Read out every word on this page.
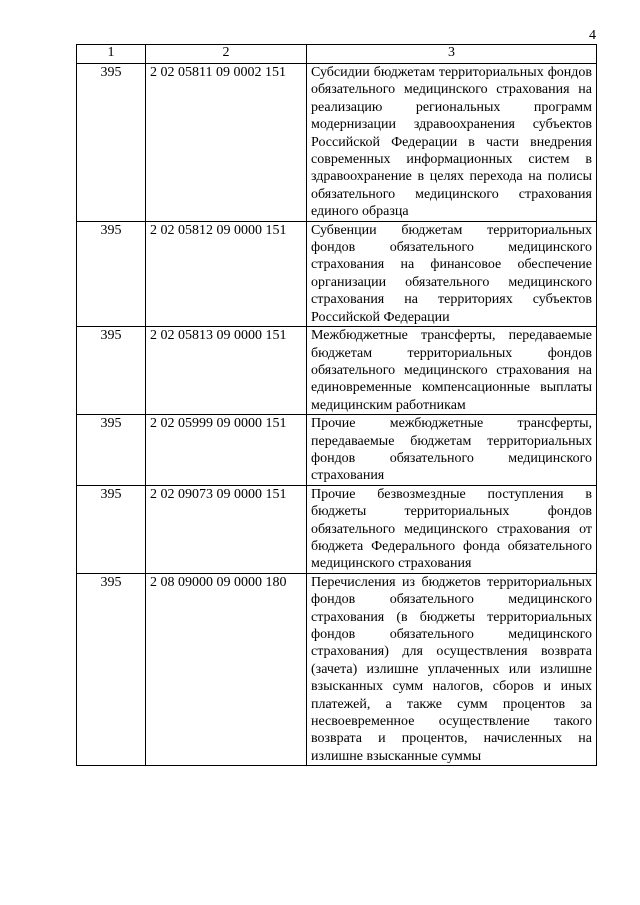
4
1	2	3
395	2 02 05811 09 0002 151	Субсидии бюджетам территориальных фондов обязательного медицинского страхования на реализацию региональных программ модернизации здравоохранения субъектов Российской Федерации в части внедрения современных информационных систем в здравоохранение в целях перехода на полисы обязательного медицинского страхования единого образца
395	2 02 05812 09 0000 151	Субвенции бюджетам территориальных фондов обязательного медицинского страхования на финансовое обеспечение организации обязательного медицинского страхования на территориях субъектов Российской Федерации
395	2 02 05813 09 0000 151	Межбюджетные трансферты, передаваемые бюджетам территориальных фондов обязательного медицинского страхования на единовременные компенсационные выплаты медицинским работникам
395	2 02 05999 09 0000 151	Прочие межбюджетные трансферты, передаваемые бюджетам территориальных фондов обязательного медицинского страхования
395	2 02 09073 09 0000 151	Прочие безвозмездные поступления в бюджеты территориальных фондов обязательного медицинского страхования от бюджета Федерального фонда обязательного медицинского страхования
395	2 08 09000 09 0000 180	Перечисления из бюджетов территориальных фондов обязательного медицинского страхования (в бюджеты территориальных фондов обязательного медицинского страхования) для осуществления возврата (зачета) излишне уплаченных или излишне взысканных сумм налогов, сборов и иных платежей, а также сумм процентов за несвоевременное осуществление такого возврата и процентов, начисленных на излишне взысканные суммы
